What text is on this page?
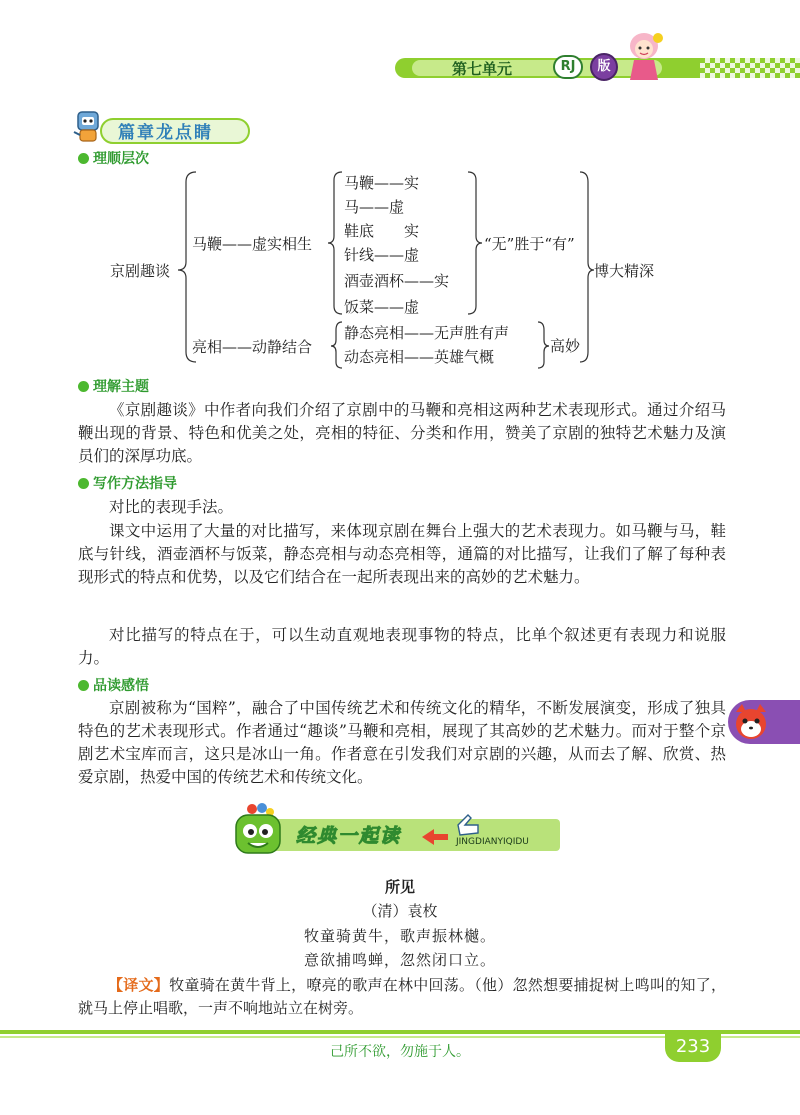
第七单元	RJ	版
篇章龙点睛
理顺层次
京剧趣谈
马鞭——虚实相生
马鞭——实
马——虚
鞋底　　实
针线——虚
酒壶酒杯——实
饭菜——虚
“无”胜于“有”
亮相——动静结合
静态亮相——无声胜有声
动态亮相——英雄气概
高妙
博大精深
理解主题
《京剧趣谈》中作者向我们介绍了京剧中的马鞭和亮相这两种艺术表现形式。通过介绍马鞭出现的背景、特色和优美之处，亮相的特征、分类和作用，赞美了京剧的独特艺术魅力及演员们的深厚功底。
写作方法指导
对比的表现手法。
课文中运用了大量的对比描写，来体现京剧在舞台上强大的艺术表现力。如马鞭与马，鞋底与针线，酒壶酒杯与饭菜，静态亮相与动态亮相等，通篇的对比描写，让我们了解了每种表现形式的特点和优势，以及它们结合在一起所表现出来的高妙的艺术魅力。
对比描写的特点在于，可以生动直观地表现事物的特点，比单个叙述更有表现力和说服力。
品读感悟
京剧被称为“国粹”，融合了中国传统艺术和传统文化的精华，不断发展演变，形成了独具特色的艺术表现形式。作者通过“趣谈”马鞭和亮相，展现了其高妙的艺术魅力。而对于整个京剧艺术宝库而言，这只是冰山一角。作者意在引发我们对京剧的兴趣，从而去了解、欣赏、热爱京剧，热爱中国的传统艺术和传统文化。
经典一起读	JINGDIANYIQIDU
所见
（清）袁枚
牧童骑黄牛，歌声振林樾。
意欲捕鸣蝉，忽然闭口立。
【译文】牧童骑在黄牛背上，嘹亮的歌声在林中回荡。（他）忽然想要捕捉树上鸣叫的知了，就马上停止唱歌，一声不响地站立在树旁。
己所不欲，勿施于人。	233
